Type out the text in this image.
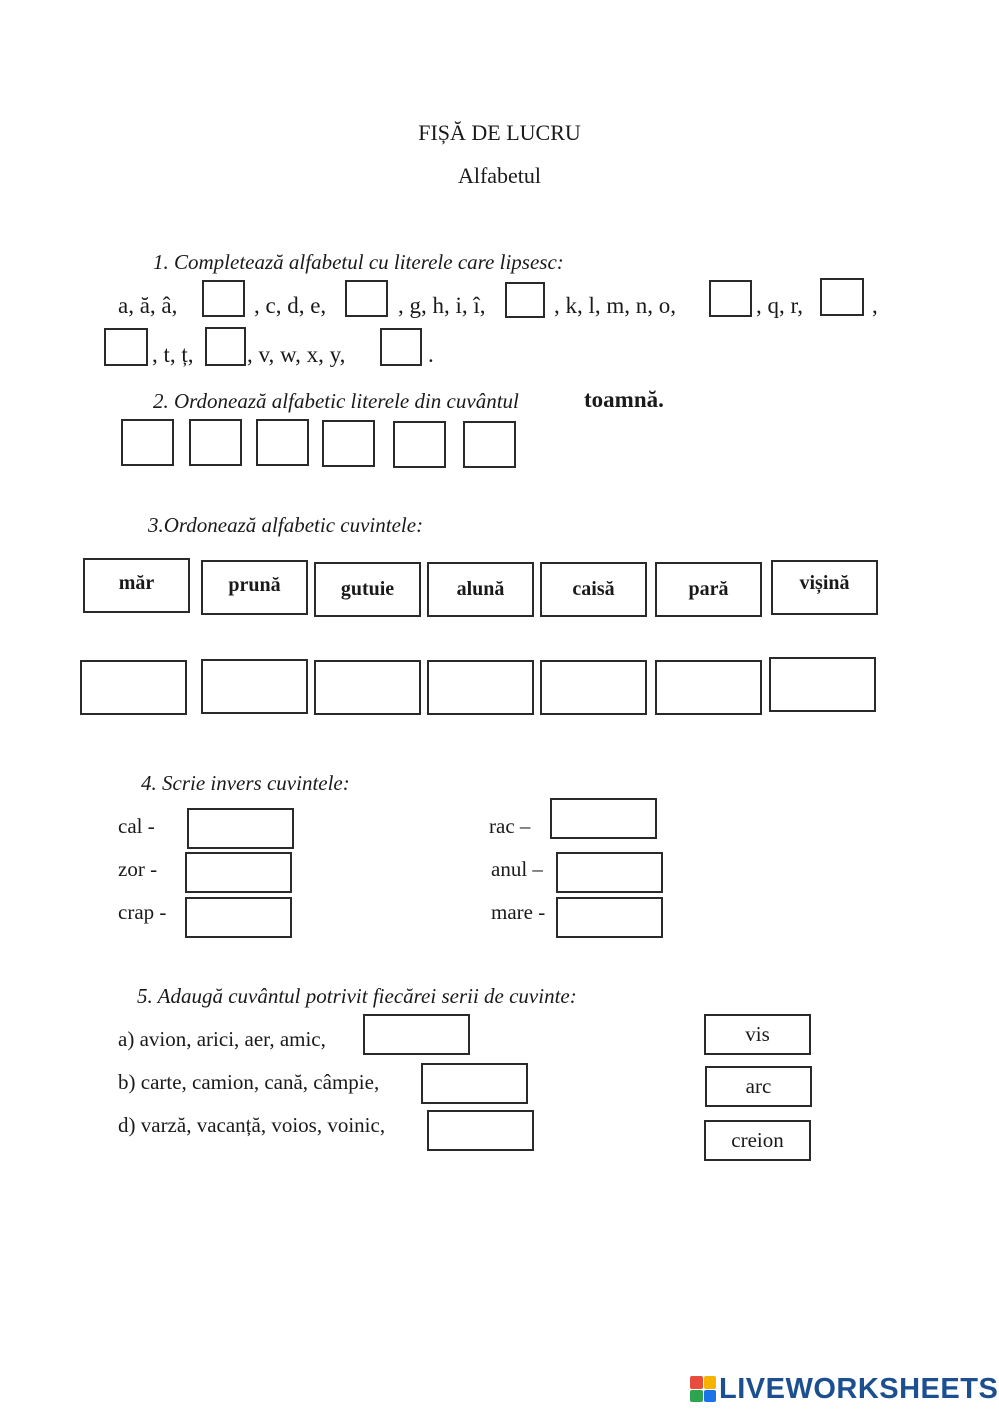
FIȘĂ DE LUCRU
Alfabetul
1. Completează alfabetul cu literele care lipsesc:
a, ă, â,	, c, d, e,	, g, h, i, î,	, k, l, m, n, o,	, q, r,	,
, t, ț, , v, w, x, y,	.
2. Ordonează alfabetic literele din cuvântul	toamnă.
3.Ordonează alfabetic cuvintele:
măr	prună	gutuie	alună	caisă	pară	vișină
4. Scrie invers cuvintele:
cal -
zor -
crap -
rac –
anul –
mare -
5. Adaugă cuvântul potrivit fiecărei serii de cuvinte:
a) avion, arici, aer, amic,
b) carte, camion, cană, câmpie,
d) varză, vacanță, voios, voinic,
vis
arc
creion
LIVEWORKSHEETS
